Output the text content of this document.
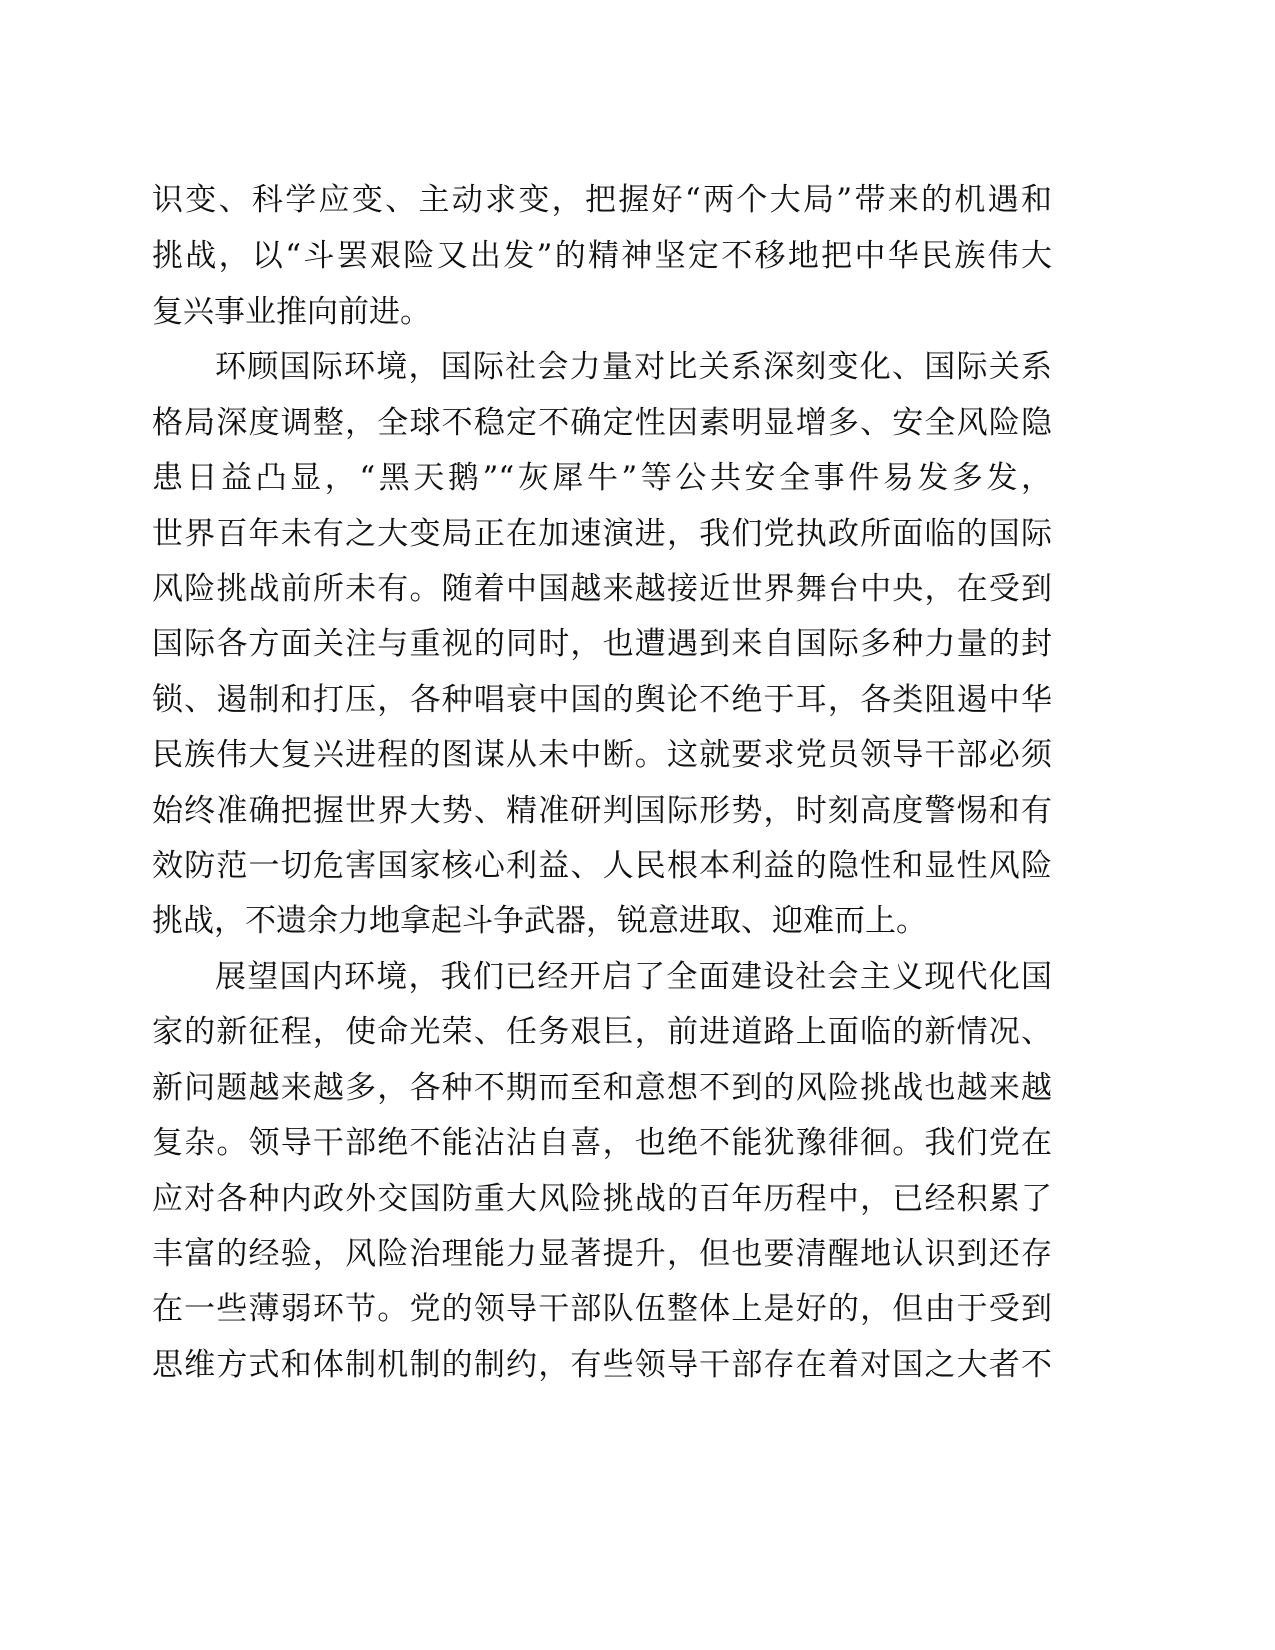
识变、科学应变、主动求变，把握好“两个大局”带来的机遇和
挑战，以“斗罢艰险又出发”的精神坚定不移地把中华民族伟大
复兴事业推向前进。
环顾国际环境，国际社会力量对比关系深刻变化、国际关系
格局深度调整，全球不稳定不确定性因素明显增多、安全风险隐
患日益凸显，“黑天鹅”“灰犀牛”等公共安全事件易发多发，
世界百年未有之大变局正在加速演进，我们党执政所面临的国际
风险挑战前所未有。随着中国越来越接近世界舞台中央，在受到
国际各方面关注与重视的同时，也遭遇到来自国际多种力量的封
锁、遏制和打压，各种唱衰中国的舆论不绝于耳，各类阻遏中华
民族伟大复兴进程的图谋从未中断。这就要求党员领导干部必须
始终准确把握世界大势、精准研判国际形势，时刻高度警惕和有
效防范一切危害国家核心利益、人民根本利益的隐性和显性风险
挑战，不遗余力地拿起斗争武器，锐意进取、迎难而上。
展望国内环境，我们已经开启了全面建设社会主义现代化国
家的新征程，使命光荣、任务艰巨，前进道路上面临的新情况、
新问题越来越多，各种不期而至和意想不到的风险挑战也越来越
复杂。领导干部绝不能沾沾自喜，也绝不能犹豫徘徊。我们党在
应对各种内政外交国防重大风险挑战的百年历程中，已经积累了
丰富的经验，风险治理能力显著提升，但也要清醒地认识到还存
在一些薄弱环节。党的领导干部队伍整体上是好的，但由于受到
思维方式和体制机制的制约，有些领导干部存在着对国之大者不
